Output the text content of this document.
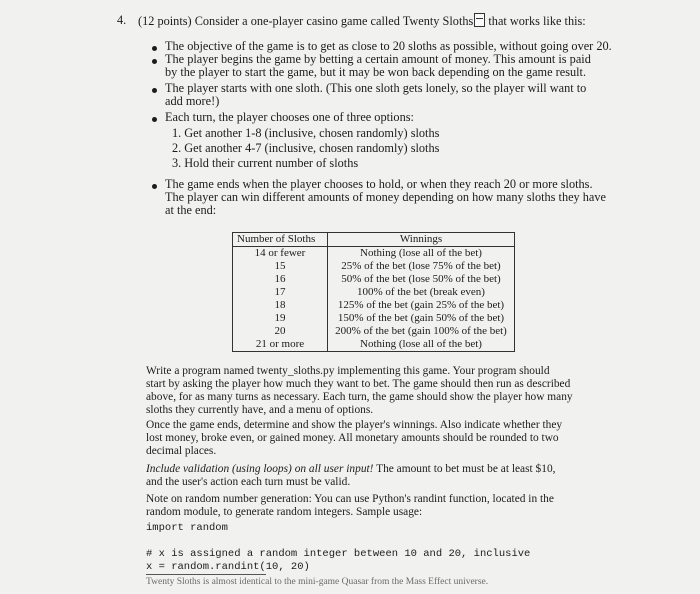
4. (12 points) Consider a one-player casino game called Twenty Sloths that works like this:
The objective of the game is to get as close to 20 sloths as possible, without going over 20.
The player begins the game by betting a certain amount of money. This amount is paid
by the player to start the game, but it may be won back depending on the game result.
The player starts with one sloth. (This one sloth gets lonely, so the player will want to
add more!)
Each turn, the player chooses one of three options:
1. Get another 1-8 (inclusive, chosen randomly) sloths
2. Get another 4-7 (inclusive, chosen randomly) sloths
3. Hold their current number of sloths
The game ends when the player chooses to hold, or when they reach 20 or more sloths.
The player can win different amounts of money depending on how many sloths they have
at the end:
Number of Sloths	Winnings
14 or fewer	Nothing (lose all of the bet)
15	25% of the bet (lose 75% of the bet)
16	50% of the bet (lose 50% of the bet)
17	100% of the bet (break even)
18	125% of the bet (gain 25% of the bet)
19	150% of the bet (gain 50% of the bet)
20	200% of the bet (gain 100% of the bet)
21 or more	Nothing (lose all of the bet)
Write a program named twenty_sloths.py implementing this game. Your program should
start by asking the player how much they want to bet. The game should then run as described
above, for as many turns as necessary. Each turn, the game should show the player how many
sloths they currently have, and a menu of options.
Once the game ends, determine and show the player's winnings. Also indicate whether they
lost money, broke even, or gained money. All monetary amounts should be rounded to two
decimal places.
Include validation (using loops) on all user input! The amount to bet must be at least $10,
and the user's action each turn must be valid.
Note on random number generation: You can use Python's randint function, located in the
random module, to generate random integers. Sample usage:
import random
# x is assigned a random integer between 10 and 20, inclusive
x = random.randint(10, 20)
Twenty Sloths is almost identical to the mini-game Quasar from the Mass Effect universe.
